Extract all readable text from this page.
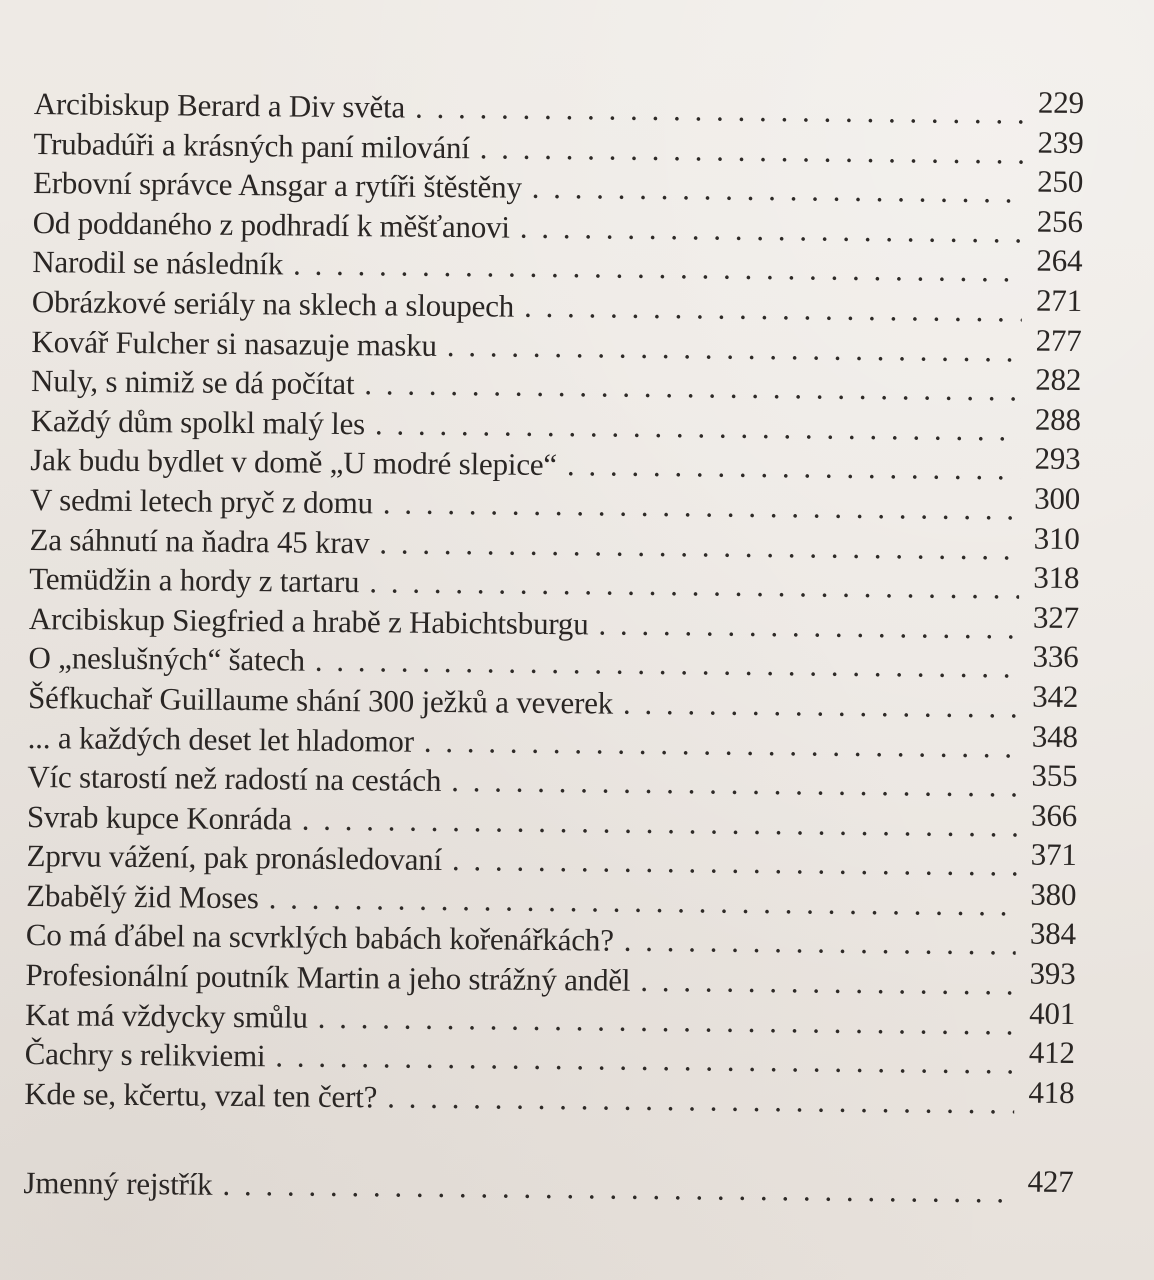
Arcibiskup Berard a Div světa . . .	229
Trubadúři a krásných paní milování . . .	239
Erbovní správce Ansgar a rytíři štěstěny . . .	250
Od poddaného z podhradí k měšťanovi . . .	256
Narodil se následník . . .	264
Obrázkové seriály na sklech a sloupech . . .	271
Kovář Fulcher si nasazuje masku . . .	277
Nuly, s nimiž se dá počítat . . .	282
Každý dům spolkl malý les . . .	288
Jak budu bydlet v domě „U modré slepice“ . . .	293
V sedmi letech pryč z domu . . .	300
Za sáhnutí na ňadra 45 krav . . .	310
Temüdžin a hordy z tartaru . . .	318
Arcibiskup Siegfried a hrabě z Habichtsburgu . . .	327
O „neslušných“ šatech . . .	336
Šéfkuchař Guillaume shání 300 ježků a veverek . . .	342
... a každých deset let hladomor . . .	348
Víc starostí než radostí na cestách . . .	355
Svrab kupce Konráda . . .	366
Zprvu vážení, pak pronásledovaní . . .	371
Zbabělý žid Moses . . .	380
Co má ďábel na scvrklých babách kořenářkách? . . .	384
Profesionální poutník Martin a jeho strážný anděl . . .	393
Kat má vždycky smůlu . . .	401
Čachry s relikviemi . . .	412
Kde se, kčertu, vzal ten čert? . . .	418
Jmenný rejstřík . . .	427
